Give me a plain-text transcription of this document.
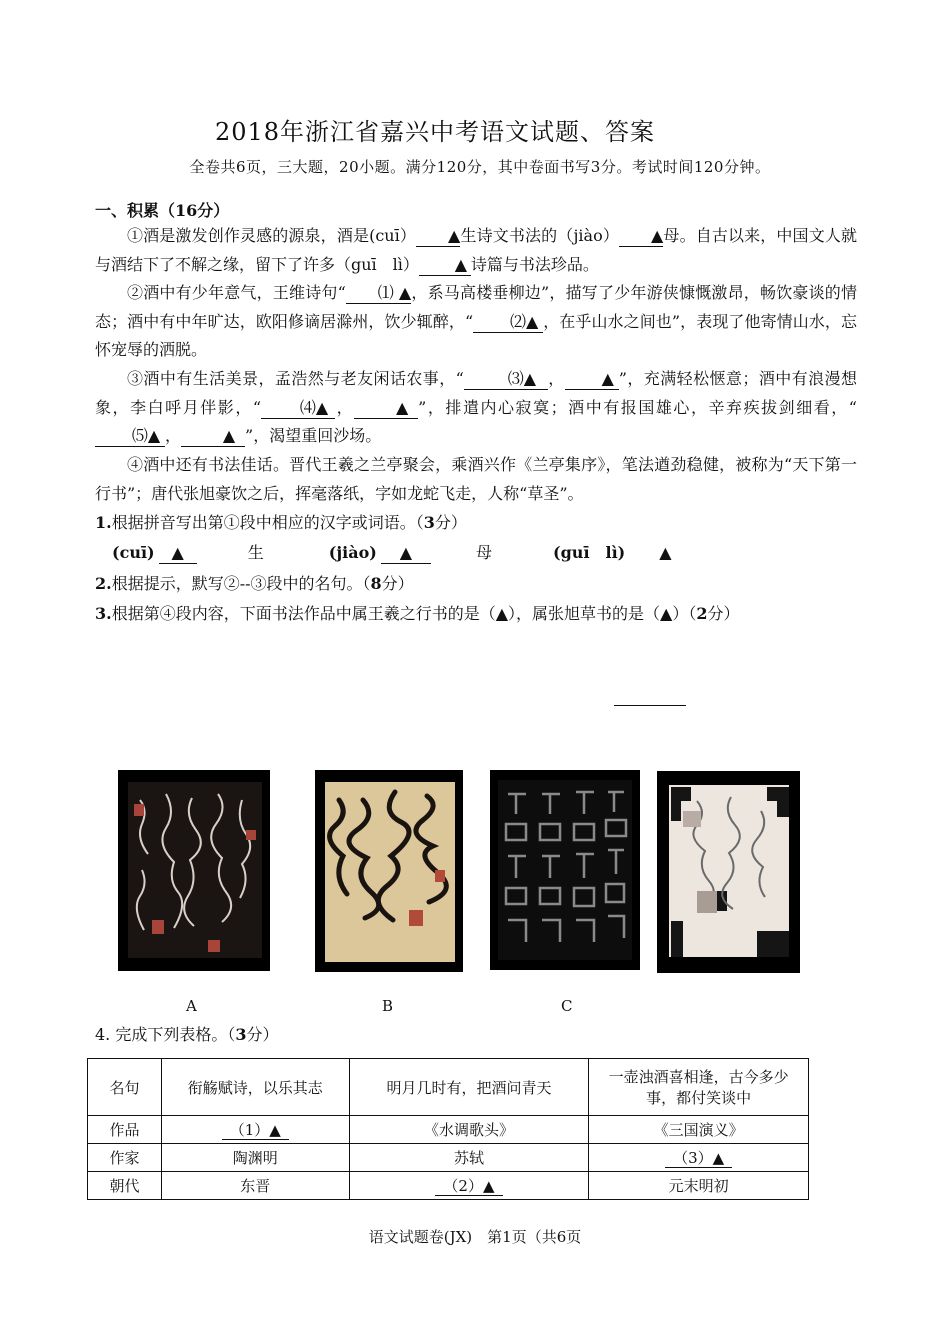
2018年浙江省嘉兴中考语文试题、答案
全卷共6页，三大题，20小题。满分120分，其中卷面书写3分。考试时间120分钟。
一、积累（16分）
①酒是激发创作灵感的源泉，酒是(cuī） ▲生诗文书法的（jiào） ▲母。自古以来，中国文人就与酒结下了不解之缘，留下了许多（guī　lì） ▲ 诗篇与书法珍品。
②酒中有少年意气，王维诗句“ ⑴ ▲，系马高楼垂柳边”，描写了少年游侠慷慨激昂，畅饮豪谈的情态；酒中有中年旷达，欧阳修谪居滁州，饮少辄醉，“ ⑵▲ ，在乎山水之间也”，表现了他寄情山水，忘怀宠辱的洒脱。
③酒中有生活美景，孟浩然与老友闲话农事，“	⑶▲ ， ▲ ”，充满轻松惬意；酒中有浪漫想象，李白呼月伴影，“ ⑷▲ ，	▲ ”，排遣内心寂寞；酒中有报国雄心，辛弃疾拔剑细看，“⑸▲ ，	▲ ”，渴望重回沙场。
④酒中还有书法佳话。晋代王羲之兰亭聚会，乘酒兴作《兰亭集序》，笔法遒劲稳健，被称为“天下第一行书”；唐代张旭豪饮之后，挥毫落纸，字如龙蛇飞走，人称“草圣”。
1.根据拼音写出第①段中相应的汉字或词语。（3分）
(cuī) ▲	生	(jiào) ▲	母	(guī　lì) ▲
2.根据提示，默写②--③段中的名句。（8分）
3.根据第④段内容，下面书法作品中属王羲之行书的是（▲），属张旭草书的是（▲）（2分）
A	B	C
4. 完成下列表格。（3分）
名句	衔觞赋诗，以乐其志	明月几时有，把酒问青天	一壶浊酒喜相逢，古今多少事，都付笑谈中
作品	（1）▲	《水调歌头》	《三国演义》
作家	陶渊明	苏轼	（3）▲
朝代	东晋	（2）▲	元末明初
语文试题卷(JX)　第1页（共6页
